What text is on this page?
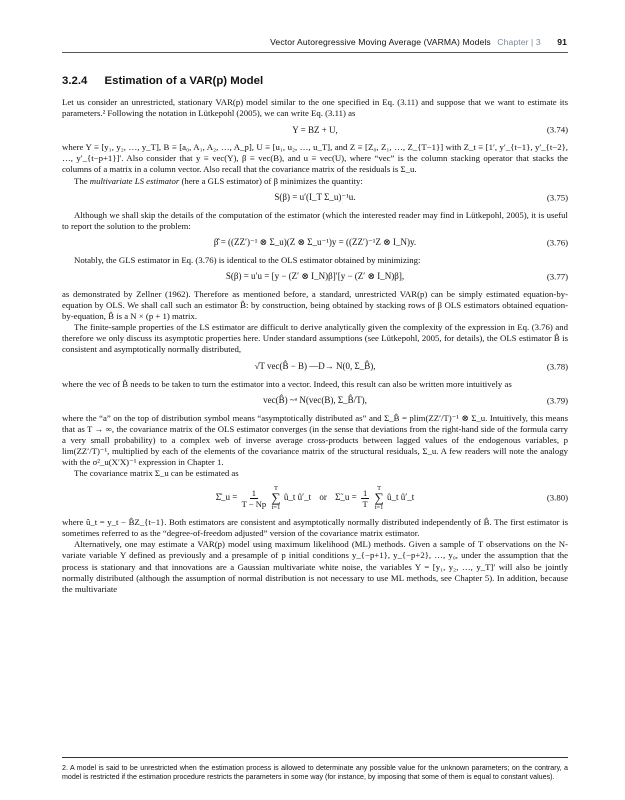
Vector Autoregressive Moving Average (VARMA) Models Chapter | 3 91
3.2.4 Estimation of a VAR(p) Model

Let us consider an unrestricted, stationary VAR(p) model similar to the one specified in Eq. (3.11) and suppose that we want to estimate its parameters.² Following the notation in Lütkepohl (2005), we can write Eq. (3.11) as

Y = BZ + U,	(3.74)

where Y ≡ [y₁, y₂, …, y_T], B ≡ [a₀, A₁, A₂, …, A_p], U ≡ [u₁, u₂, …, u_T], and Z ≡ [Z₀, Z₁, …, Z_{T−1}] with Z_t ≡ [1′, y′_{t−1}, y′_{t−2}, …, y′_{t−p+1}]′. Also consider that y ≡ vec(Y), β ≡ vec(B), and u ≡ vec(U), where “vec” is the column stacking operator that stacks the columns of a matrix in a column vector. Also recall that the covariance matrix of the residuals is Σ_u.

The multivariate LS estimator (here a GLS estimator) of β minimizes the quantity:

S(β) = u′(I_T Σ_u)⁻¹u.	(3.75)

Although we shall skip the details of the computation of the estimator (which the interested reader may find in Lütkepohl, 2005), it is useful to report the solution to the problem:

β̂ = ((ZZ′)⁻¹ ⊗ Σ_u)(Z ⊗ Σ_u⁻¹)y = ((ZZ′)⁻¹Z ⊗ I_N)y.	(3.76)

Notably, the GLS estimator in Eq. (3.76) is identical to the OLS estimator obtained by minimizing:

S(β) = u′u = [y − (Z′ ⊗ I_N)β]′[y − (Z′ ⊗ I_N)β],	(3.77)

as demonstrated by Zellner (1962). Therefore as mentioned before, a standard, unrestricted VAR(p) can be simply estimated equation-by-equation by OLS. We shall call such an estimator B̂: by construction, being obtained by stacking rows of β OLS estimators obtained equation-by-equation, B̂ is a N × (p + 1) matrix.

The finite-sample properties of the LS estimator are difficult to derive analytically given the complexity of the expression in Eq. (3.76) and therefore we only discuss its asymptotic properties here. Under standard assumptions (see Lütkepohl, 2005, for details), the OLS estimator B̂ is consistent and asymptotically normally distributed,

√T vec(B̂ − B) —D→ N(0, Σ_B̂),	(3.78)

where the vec of B̂ needs to be taken to turn the estimator into a vector. Indeed, this result can also be written more intuitively as

vec(B̂) ~ᵃ N(vec(B), Σ_B̂/T),	(3.79)

where the “a” on the top of distribution symbol means “asymptotically distributed as” and Σ_B̂ = plim(ZZ′/T)⁻¹ ⊗ Σ_u. Intuitively, this means that as T → ∞, the covariance matrix of the OLS estimator converges (in the sense that deviations from the right-hand side of the formula carry a very small probability) to a complex web of inverse average cross-products between lagged values of the endogenous variables, p lim(ZZ′/T)⁻¹, multiplied by each of the elements of the covariance matrix of the structural residuals, Σ_u. A few readers will note the analogy with the σ²_u(X′X)⁻¹ expression in Chapter 1.

The covariance matrix Σ_u can be estimated as

Σ̂_u = $\frac{1}{T - Np}$
T
∑
t=1
û_t û′_t or Σ̃_u = $\frac{1}{T}$
T
∑
t=1
û_t û′_t	(3.80)

where û_t = y_t − B̂Z_{t−1}. Both estimators are consistent and asymptotically normally distributed independently of B̂. The first estimator is sometimes referred to as the “degree-of-freedom adjusted” version of the covariance matrix estimator.

Alternatively, one may estimate a VAR(p) model using maximum likelihood (ML) methods. Given a sample of T observations on the N-variate variable Y defined as previously and a presample of p initial conditions y_{−p+1}, y_{−p+2}, …, y₀, under the assumption that the process is stationary and that innovations are a Gaussian multivariate white noise, the variables Y = [y₁, y₂, …, y_T]′ will also be jointly normally distributed (although the assumption of normal distribution is not necessary to use ML methods, see Chapter 5). In addition, because the multivariate

2. A model is said to be unrestricted when the estimation process is allowed to determinate any possible value for the unknown parameters; on the contrary, a model is restricted if the estimation procedure restricts the parameters in some way (for instance, by imposing that some of them is equal to constant values).
